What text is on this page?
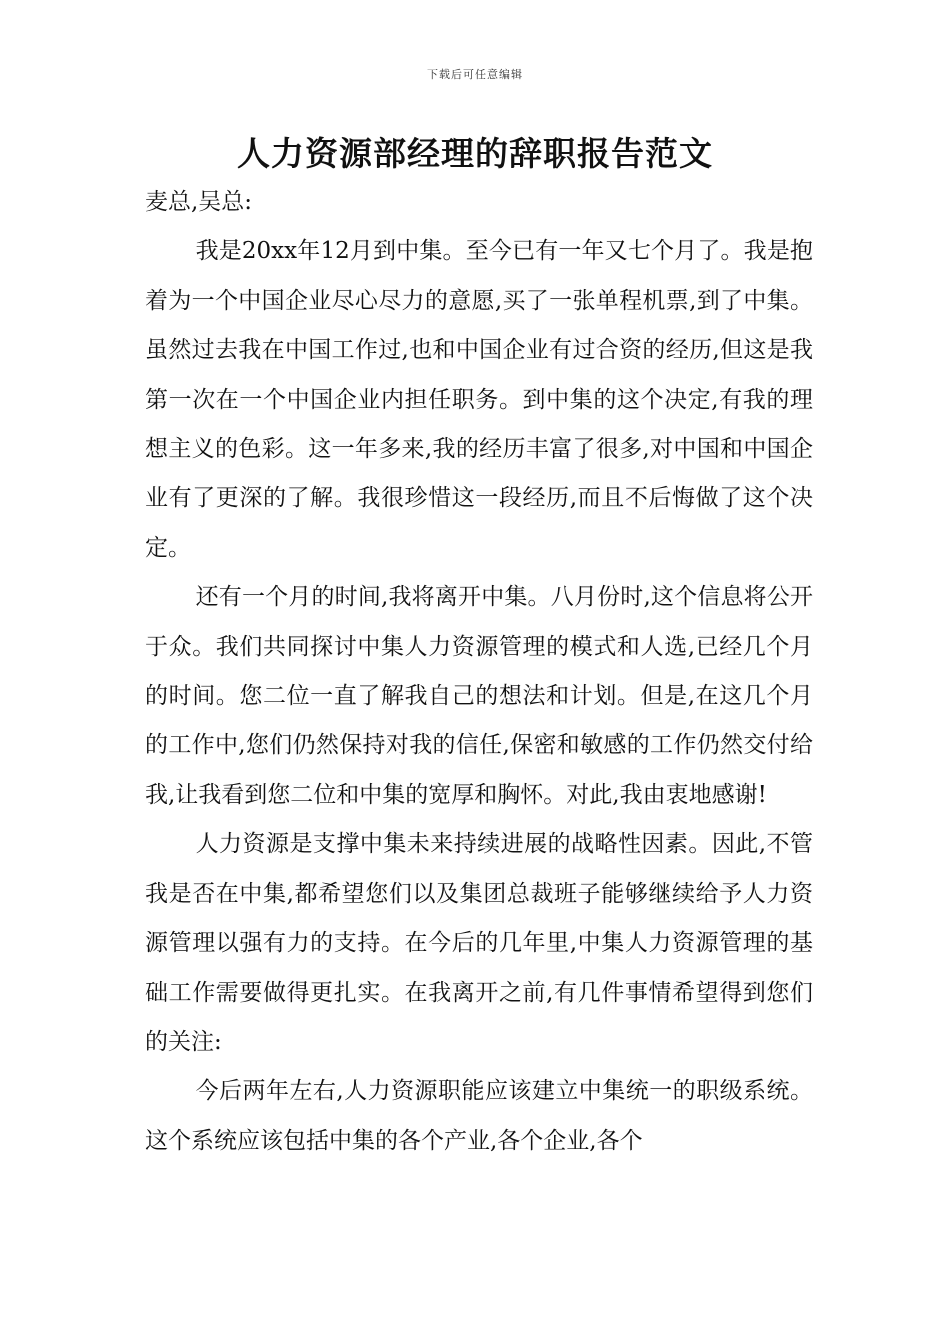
下载后可任意编辑
人力资源部经理的辞职报告范文

麦总,吴总:

我是20xx年12月到中集。至今已有一年又七个月了。我是抱着为一个中国企业尽心尽力的意愿,买了一张单程机票,到了中集。虽然过去我在中国工作过,也和中国企业有过合资的经历,但这是我第一次在一个中国企业内担任职务。到中集的这个决定,有我的理想主义的色彩。这一年多来,我的经历丰富了很多,对中国和中国企业有了更深的了解。我很珍惜这一段经历,而且不后悔做了这个决定。

还有一个月的时间,我将离开中集。八月份时,这个信息将公开于众。我们共同探讨中集人力资源管理的模式和人选,已经几个月的时间。您二位一直了解我自己的想法和计划。但是,在这几个月的工作中,您们仍然保持对我的信任,保密和敏感的工作仍然交付给我,让我看到您二位和中集的宽厚和胸怀。对此,我由衷地感谢!

人力资源是支撑中集未来持续进展的战略性因素。因此,不管我是否在中集,都希望您们以及集团总裁班子能够继续给予人力资源管理以强有力的支持。在今后的几年里,中集人力资源管理的基础工作需要做得更扎实。在我离开之前,有几件事情希望得到您们的关注:

今后两年左右,人力资源职能应该建立中集统一的职级系统。这个系统应该包括中集的各个产业,各个企业,各个
